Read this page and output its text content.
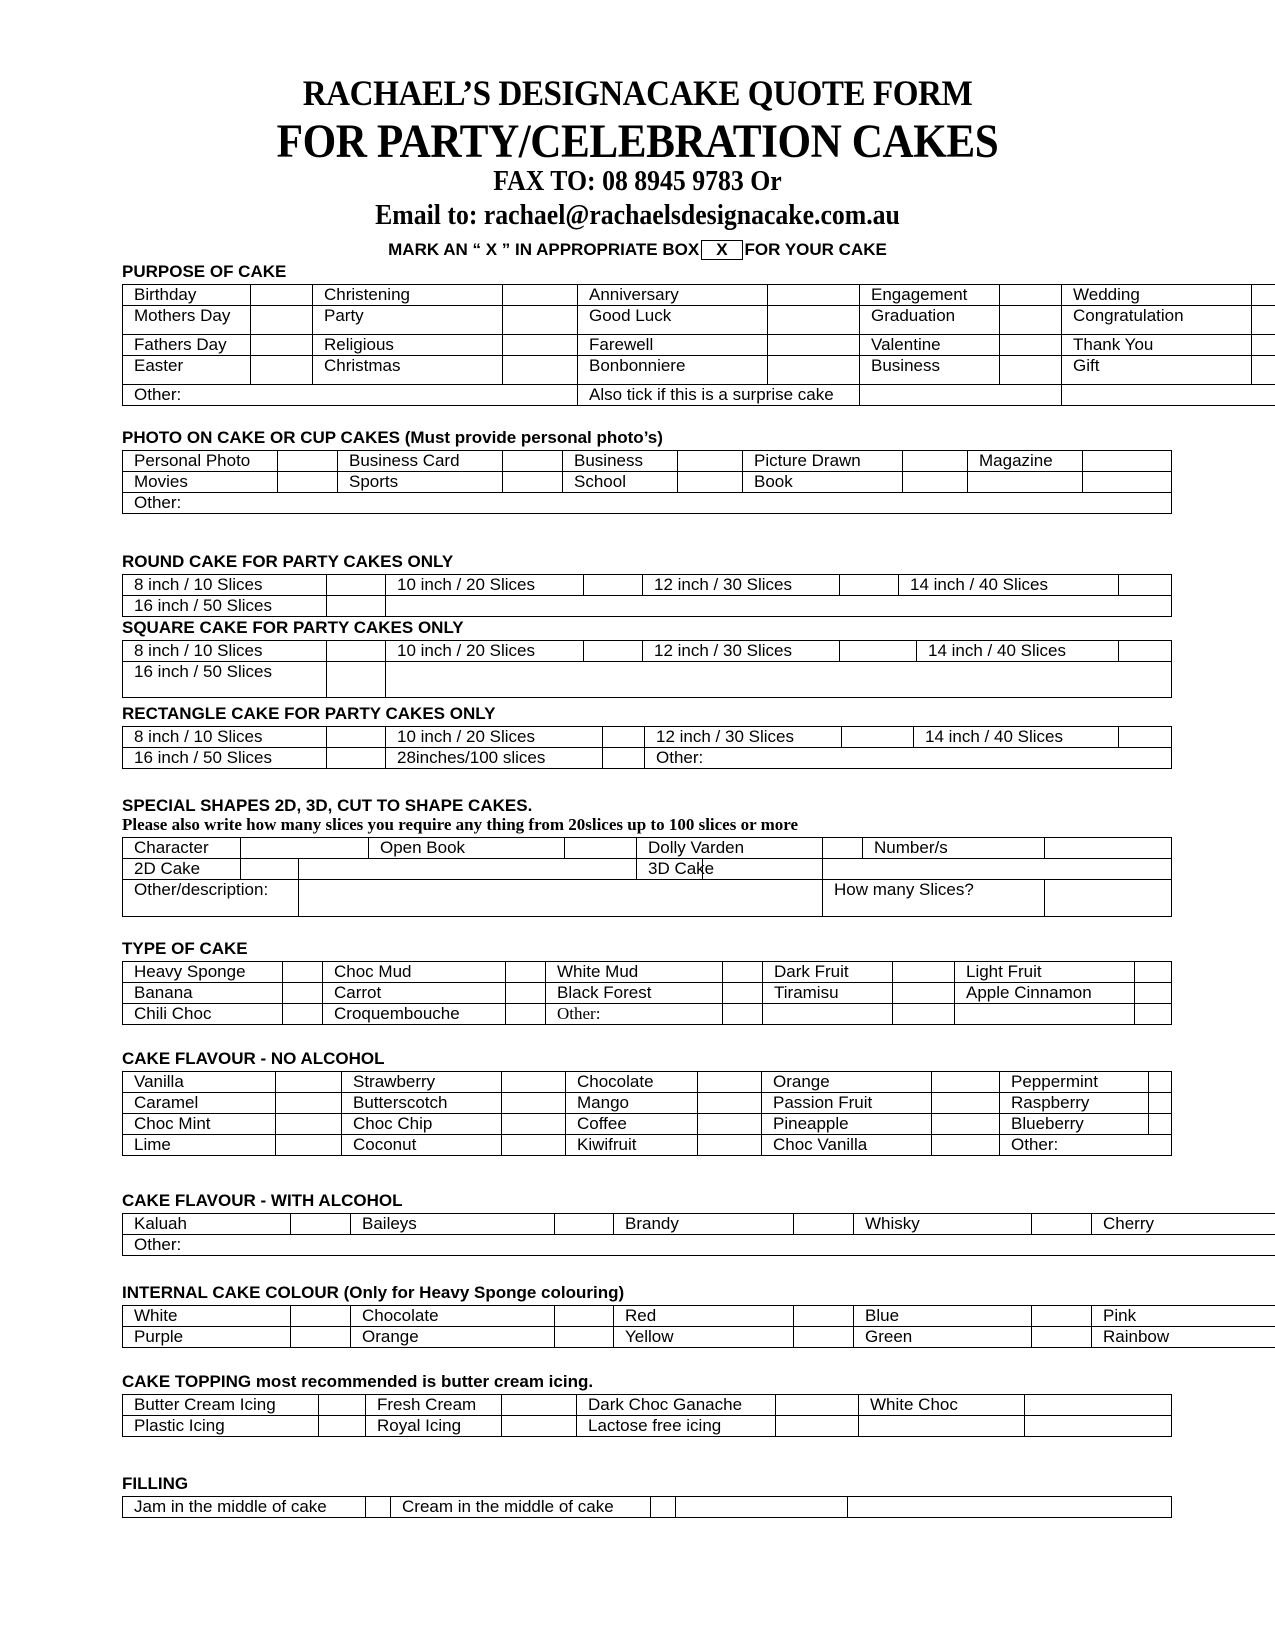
RACHAEL’S DESIGNACAKE QUOTE FORM
FOR PARTY/CELEBRATION CAKES
FAX TO: 08 8945 9783 Or
Email to: rachael@rachaelsdesignacake.com.au
MARK AN “ X ” IN APPROPRIATE BOX X FOR YOUR CAKE
PURPOSE OF CAKE
Birthday		Christening		Anniversary		Engagement		Wedding	
Mothers Day		Party		Good Luck		Graduation		Congratulation	
Fathers Day		Religious		Farewell		Valentine		Thank You	
Easter		Christmas		Bonbonniere		Business		Gift	
Other:				Also tick if this is a surprise cake					
PHOTO ON CAKE OR CUP CAKES (Must provide personal photo’s)
Personal Photo		Business Card		Business		Picture Drawn		Magazine	
Movies		Sports		School		Book			
Other:									
ROUND CAKE FOR PARTY CAKES ONLY
8 inch / 10 Slices		10 inch / 20 Slices		12 inch / 30 Slices		14 inch / 40 Slices	
16 inch / 50 Slices							
SQUARE CAKE FOR PARTY CAKES ONLY
8 inch / 10 Slices		10 inch / 20 Slices		12 inch / 30 Slices		14 inch / 40 Slices	
16 inch / 50 Slices							
RECTANGLE CAKE FOR PARTY CAKES ONLY
8 inch / 10 Slices		10 inch / 20 Slices		12 inch / 30 Slices		14 inch / 40 Slices	
16 inch / 50 Slices		28inches/100 slices		Other:			
SPECIAL SHAPES 2D, 3D, CUT TO SHAPE CAKES.
Please also write how many slices you require any thing from 20slices up to 100 slices or more
Character			Open Book		Dolly Varden			Number/s	
2D Cake					3D Cake				
Other/description:							How many Slices?		
TYPE OF CAKE
Heavy Sponge		Choc Mud		White Mud		Dark Fruit		Light Fruit	
Banana		Carrot		Black Forest		Tiramisu		Apple Cinnamon	
Chili Choc		Croquembouche		Other:					
CAKE FLAVOUR - NO ALCOHOL
Vanilla		Strawberry		Chocolate		Orange		Peppermint	
Caramel		Butterscotch		Mango		Passion Fruit		Raspberry	
Choc Mint		Choc Chip		Coffee		Pineapple		Blueberry	
Lime		Coconut		Kiwifruit		Choc Vanilla		Other:	
CAKE FLAVOUR - WITH ALCOHOL
Kaluah		Baileys		Brandy		Whisky		Cherry	
Other:
INTERNAL CAKE COLOUR (Only for Heavy Sponge colouring)
White		Chocolate		Red		Blue		Pink	
Purple		Orange		Yellow		Green		Rainbow	
CAKE TOPPING most recommended is butter cream icing.
Butter Cream Icing		Fresh Cream		Dark Choc Ganache		White Choc	
Plastic Icing		Royal Icing		Lactose free icing			
FILLING
Jam in the middle of cake		Cream in the middle of cake			
